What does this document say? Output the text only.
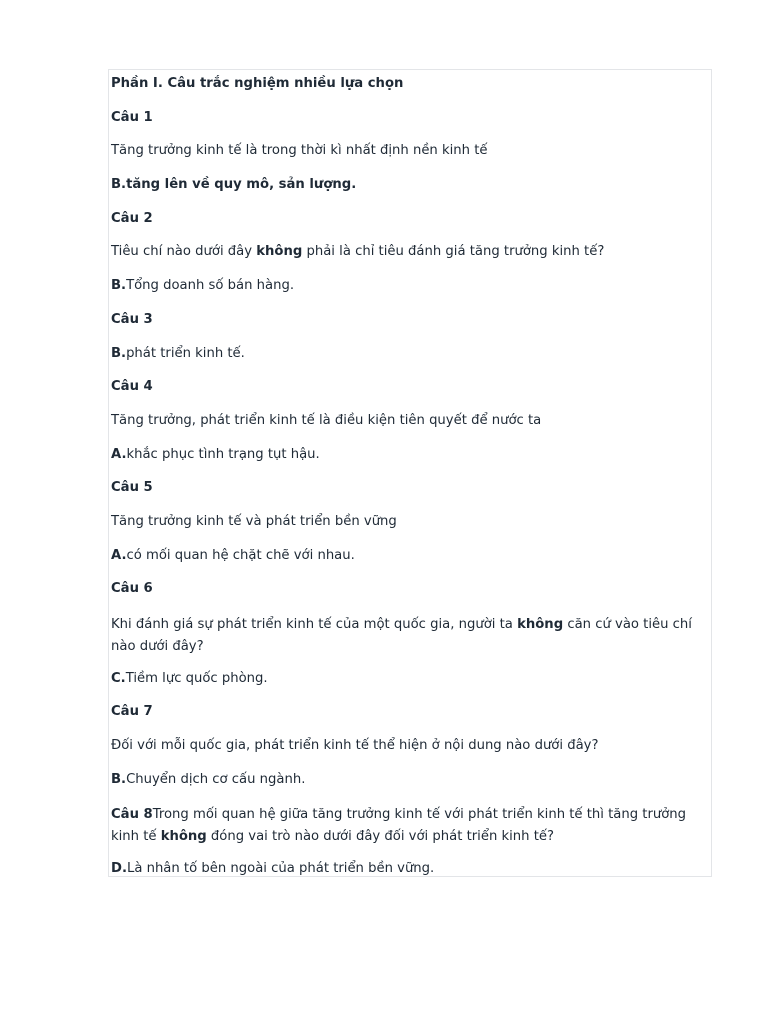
Phần I. Câu trắc nghiệm nhiều lựa chọn

Câu 1

Tăng trưởng kinh tế là trong thời kì nhất định nền kinh tế

B.tăng lên về quy mô, sản lượng.

Câu 2

Tiêu chí nào dưới đây không phải là chỉ tiêu đánh giá tăng trưởng kinh tế?

B.Tổng doanh số bán hàng.

Câu 3

B.phát triển kinh tế.

Câu 4

Tăng trưởng, phát triển kinh tế là điều kiện tiên quyết để nước ta

A.khắc phục tình trạng tụt hậu.

Câu 5

Tăng trưởng kinh tế và phát triển bền vững

A.có mối quan hệ chặt chẽ với nhau.

Câu 6

Khi đánh giá sự phát triển kinh tế của một quốc gia, người ta không căn cứ vào tiêu chí nào dưới đây?

C.Tiềm lực quốc phòng.

Câu 7

Đối với mỗi quốc gia, phát triển kinh tế thể hiện ở nội dung nào dưới đây?

B.Chuyển dịch cơ cấu ngành.

Câu 8Trong mối quan hệ giữa tăng trưởng kinh tế với phát triển kinh tế thì tăng trưởng kinh tế không đóng vai trò nào dưới đây đối với phát triển kinh tế?

D.Là nhân tố bên ngoài của phát triển bền vững.
